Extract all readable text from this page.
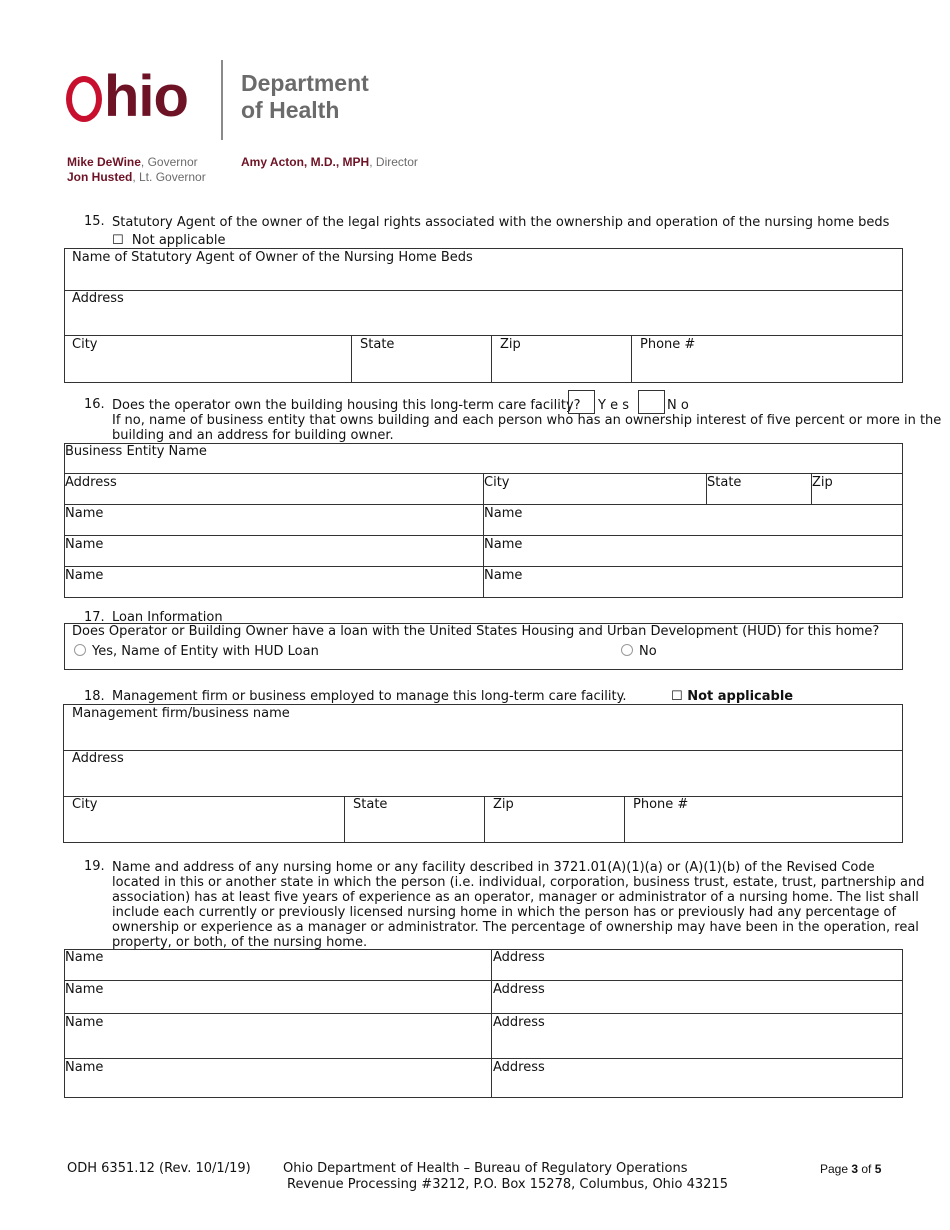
hio Department
of Health
Mike DeWine, Governor
Jon Husted, Lt. Governor
Amy Acton, M.D., MPH, Director
15. Statutory Agent of the owner of the legal rights associated with the ownership and operation of the nursing home beds
☐ Not applicable
Name of Statutory Agent of Owner of the Nursing Home Beds
Address
City	State	Zip	Phone #
16. Does the operator own the building housing this long-term care facility? Y e s	N o
If no, name of business entity that owns building and each person who has an ownership interest of five percent or more in the
building and an address for building owner.
Business Entity Name
Address	City	State	Zip
Name	Name
Name	Name
Name	Name
17. Loan Information
Does Operator or Building Owner have a loan with the United States Housing and Urban Development (HUD) for this home?
Yes, Name of Entity with HUD Loan	No
18. Management firm or business employed to manage this long-term care facility.	☐ Not applicable
Management firm/business name
Address
City	State	Zip	Phone #
19. Name and address of any nursing home or any facility described in 3721.01(A)(1)(a) or (A)(1)(b) of the Revised Code
located in this or another state in which the person (i.e. individual, corporation, business trust, estate, trust, partnership and
association) has at least five years of experience as an operator, manager or administrator of a nursing home. The list shall
include each currently or previously licensed nursing home in which the person has or previously had any percentage of
ownership or experience as a manager or administrator. The percentage of ownership may have been in the operation, real
property, or both, of the nursing home.
Name	Address
Name	Address
Name	Address
Name	Address
ODH 6351.12 (Rev. 10/1/19) Ohio Department of Health – Bureau of Regulatory Operations
Revenue Processing #3212, P.O. Box 15278, Columbus, Ohio 43215
Page 3 of 5
